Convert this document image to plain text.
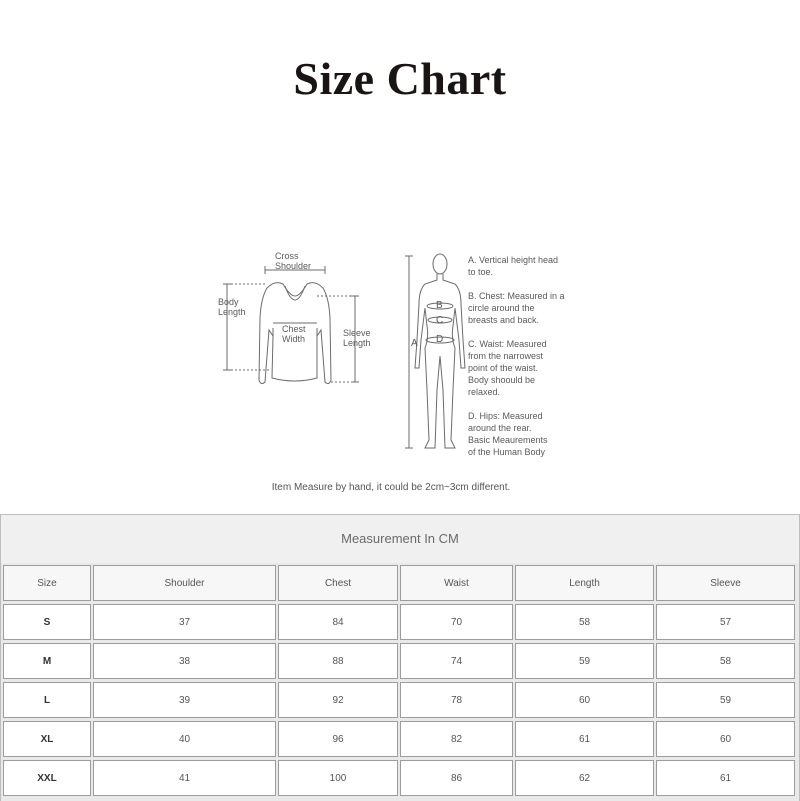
Size Chart
Cross
Shoulder
Body
Length
Chest
Width
Sleeve
Length	A
B
C
D
A. Vertical height head
to toe.
B. Chest: Measured in a
circle around the
breasts and back.
C. Waist: Measured
from the narrowest
point of the waist.
Body shoould be
relaxed.
D. Hips: Measured
around the rear.
Basic Meaurements
of the Human Body
Item Measure by hand, it could be 2cm~3cm different.
Measurement In CM
Size	Shoulder	Chest	Waist	Length	Sleeve
S	37	84	70	58	57
M	38	88	74	59	58
L	39	92	78	60	59
XL	40	96	82	61	60
XXL	41	100	86	62	61
